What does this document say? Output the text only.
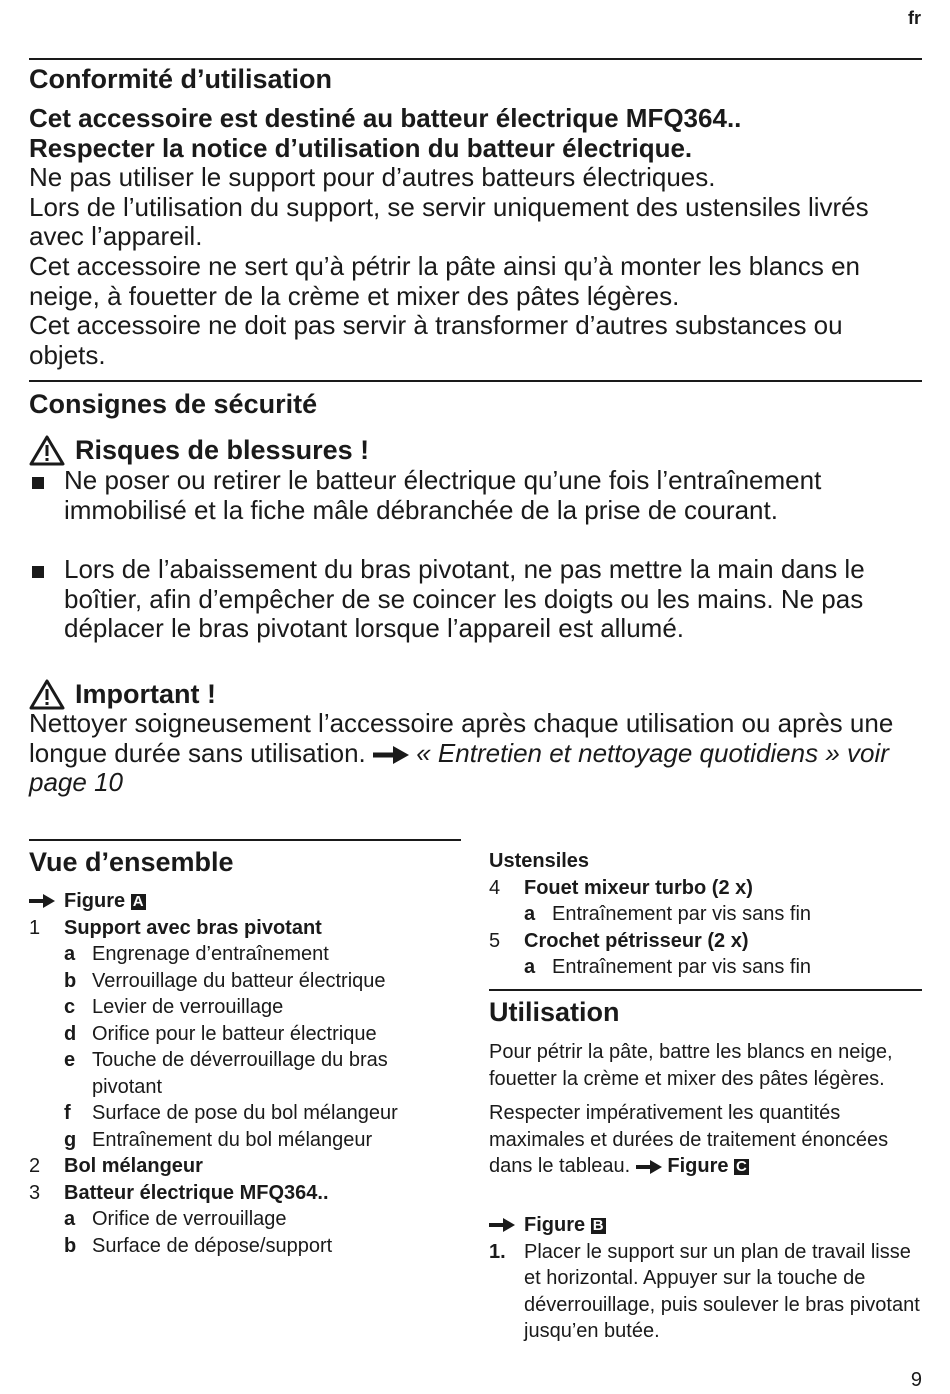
fr
Conformité d’utilisation

Cet accessoire est destiné au batteur électrique MFQ364..

Respecter la notice d’utilisation du batteur électrique.

Ne pas utiliser le support pour d’autres batteurs électriques.

Lors de l’utilisation du support, se servir uniquement des ustensiles livrés avec l’appareil.

Cet accessoire ne sert qu’à pétrir la pâte ainsi qu’à monter les blancs en neige, à fouetter de la crème et mixer des pâtes légères.

Cet accessoire ne doit pas servir à transformer d’autres substances ou objets.

Consignes de sécurité
Risques de blessures !
Ne poser ou retirer le batteur électrique qu’une fois l’entraînement immobilisé et la fiche mâle débranchée de la prise de courant.
Lors de l’abaissement du bras pivotant, ne pas mettre la main dans le boîtier, afin d’empêcher de se coincer les doigts ou les mains. Ne pas déplacer le bras pivotant lorsque l’appareil est allumé.
Important !
Nettoyer soigneusement l’accessoire après chaque utilisation ou après une longue durée sans utilisation. « Entretien et nettoyage quotidiens » voir page 10
Vue d’ensemble
Figure A
1 Support avec bras pivotant
a Engrenage d’entraînement
b Verrouillage du batteur électrique
c Levier de verrouillage
d Orifice pour le batteur électrique
e Touche de déverrouillage du bras
pivotant
f Surface de pose du bol mélangeur
g Entraînement du bol mélangeur
2 Bol mélangeur
3 Batteur électrique MFQ364..
a Orifice de verrouillage
b Surface de dépose/support
Ustensiles
4 Fouet mixeur turbo (2 x)
a Entraînement par vis sans fin
5 Crochet pétrisseur (2 x)
a Entraînement par vis sans fin
Utilisation

Pour pétrir la pâte, battre les blancs en neige, fouetter la crème et mixer des pâtes légères.

Respecter impérativement les quantités maximales et durées de traitement énoncées dans le tableau. Figure C

Figure B
1. Placer le support sur un plan de travail lisse et horizontal. Appuyer sur la touche de déverrouillage, puis soulever le bras pivotant jusqu’en butée.
9
